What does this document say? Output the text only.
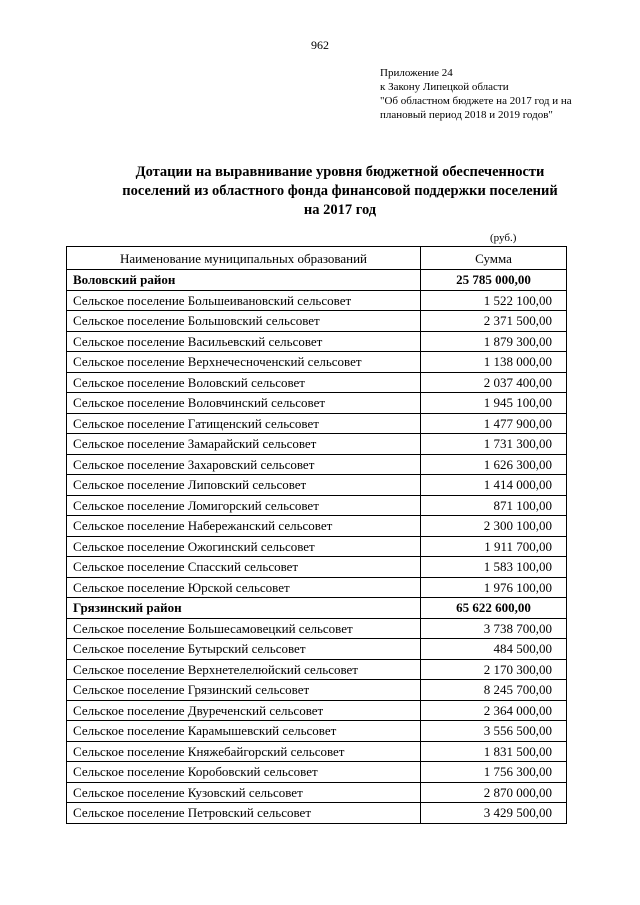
962
Приложение 24
к Закону Липецкой области
"Об областном бюджете на 2017 год и на
плановый период 2018 и 2019 годов"
Дотации на выравнивание уровня бюджетной обеспеченности
поселений из областного фонда финансовой поддержки поселений
на 2017 год
(руб.)
Наименование муниципальных образований	Сумма
Воловский район	25 785 000,00
Сельское поселение Большеивановский сельсовет	1 522 100,00
Сельское поселение Большовский сельсовет	2 371 500,00
Сельское поселение Васильевский сельсовет	1 879 300,00
Сельское поселение Верхнечесноченский сельсовет	1 138 000,00
Сельское поселение Воловский сельсовет	2 037 400,00
Сельское поселение Воловчинский сельсовет	1 945 100,00
Сельское поселение Гатищенский сельсовет	1 477 900,00
Сельское поселение Замарайский сельсовет	1 731 300,00
Сельское поселение Захаровский сельсовет	1 626 300,00
Сельское поселение Липовский сельсовет	1 414 000,00
Сельское поселение Ломигорский сельсовет	871 100,00
Сельское поселение Набережанский сельсовет	2 300 100,00
Сельское поселение Ожогинский сельсовет	1 911 700,00
Сельское поселение Спасский сельсовет	1 583 100,00
Сельское поселение Юрской сельсовет	1 976 100,00
Грязинский район	65 622 600,00
Сельское поселение Большесамовецкий сельсовет	3 738 700,00
Сельское поселение Бутырский сельсовет	484 500,00
Сельское поселение Верхнетелелюйский сельсовет	2 170 300,00
Сельское поселение Грязинский сельсовет	8 245 700,00
Сельское поселение Двуреченский сельсовет	2 364 000,00
Сельское поселение Карамышевский сельсовет	3 556 500,00
Сельское поселение Княжебайгорский сельсовет	1 831 500,00
Сельское поселение Коробовский сельсовет	1 756 300,00
Сельское поселение Кузовский сельсовет	2 870 000,00
Сельское поселение Петровский сельсовет	3 429 500,00
